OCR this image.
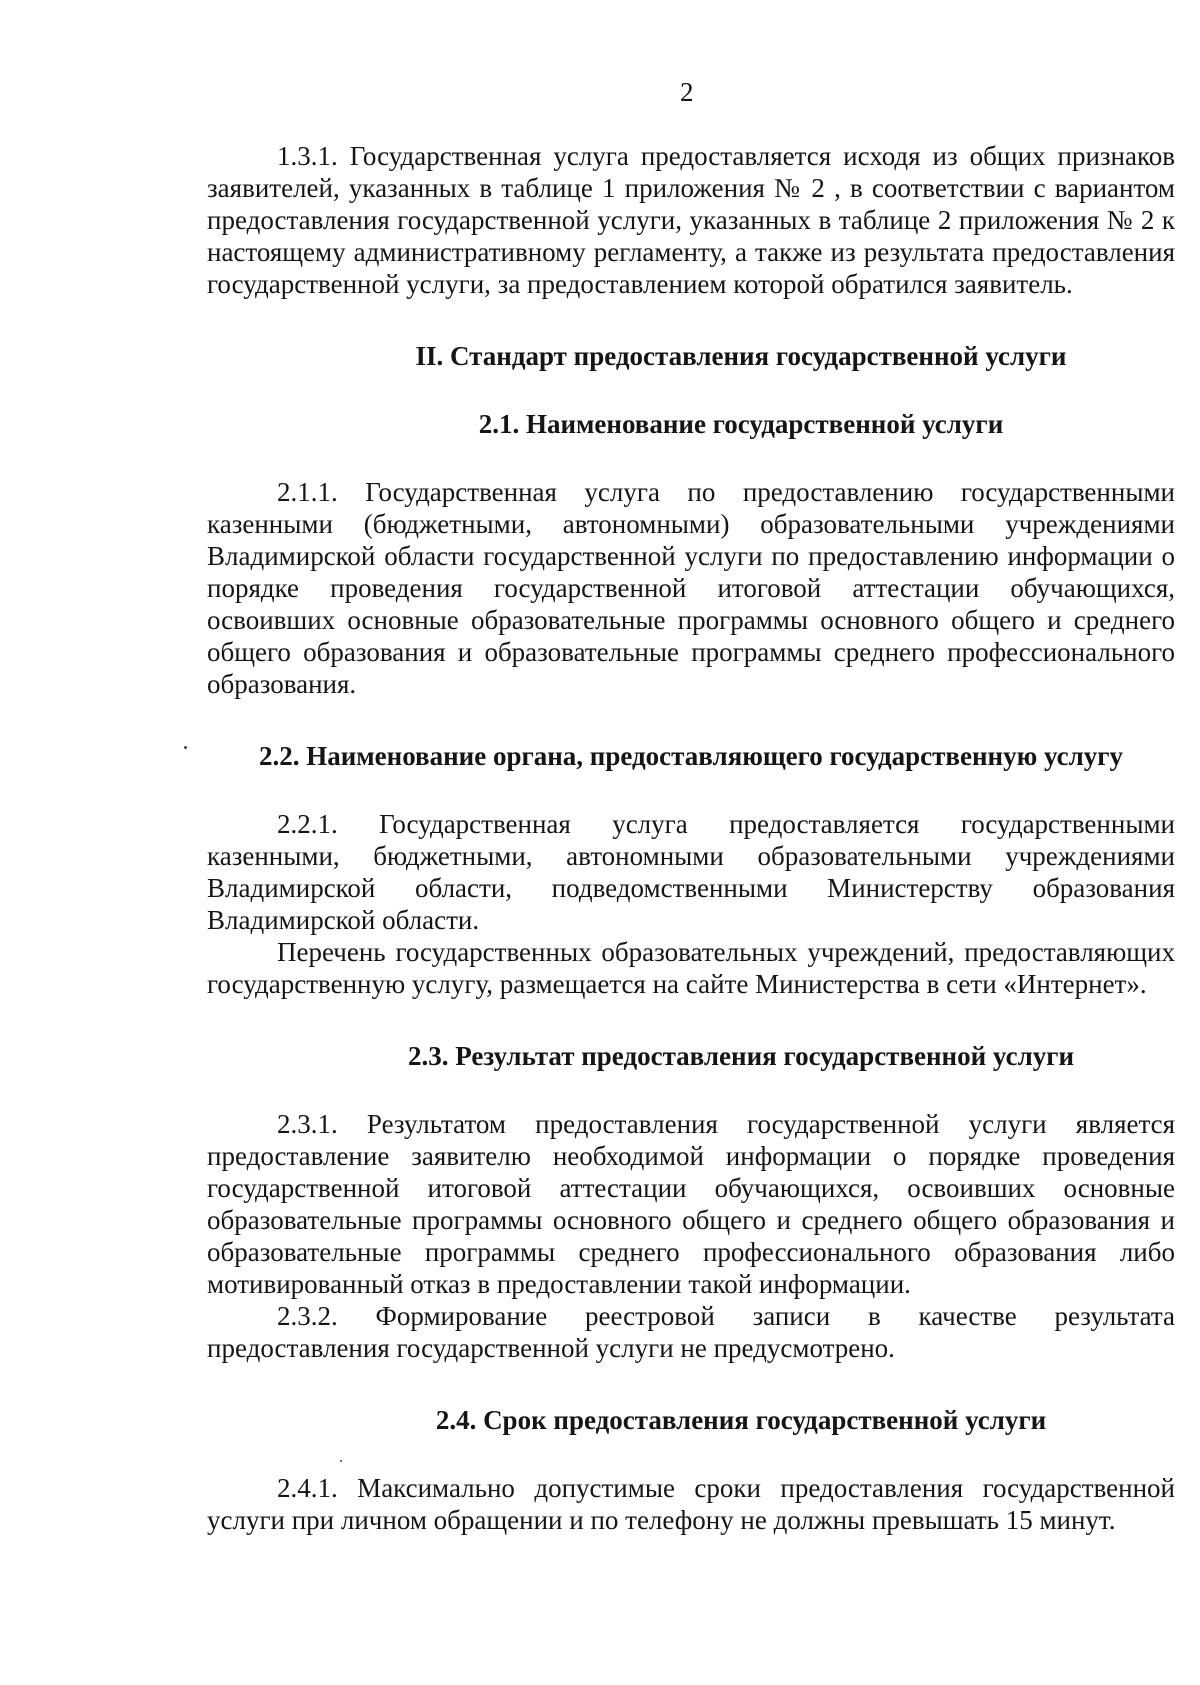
2

1.3.1. Государственная услуга предоставляется исходя из общих признаков заявителей, указанных в таблице 1 приложения № 2 , в соответствии с вариантом предоставления государственной услуги, указанных в таблице 2 приложения № 2 к настоящему административному регламенту, а также из результата предоставления государственной услуги, за предоставлением которой обратился заявитель.

II. Стандарт предоставления государственной услуги
2.1. Наименование государственной услуги

2.1.1. Государственная услуга по предоставлению государственными казенными (бюджетными, автономными) образовательными учреждениями Владимирской области государственной услуги по предоставлению информации о порядке проведения государственной итоговой аттестации обучающихся, освоивших основные образовательные программы основного общего и среднего общего образования и образовательные программы среднего профессионального образования.

2.2. Наименование органа, предоставляющего государственную услугу

2.2.1. Государственная услуга предоставляется государственными казенными, бюджетными, автономными образовательными учреждениями Владимирской области, подведомственными Министерству образования Владимирской области.

Перечень государственных образовательных учреждений, предоставляющих государственную услугу, размещается на сайте Министерства в сети «Интернет».

2.3. Результат предоставления государственной услуги

2.3.1. Результатом предоставления государственной услуги является предоставление заявителю необходимой информации о порядке проведения государственной итоговой аттестации обучающихся, освоивших основные образовательные программы основного общего и среднего общего образования и образовательные программы среднего профессионального образования либо мотивированный отказ в предоставлении такой информации.

2.3.2. Формирование реестровой записи в качестве результата предоставления государственной услуги не предусмотрено.

2.4. Срок предоставления государственной услуги

2.4.1. Максимально допустимые сроки предоставления государственной услуги при личном обращении и по телефону не должны превышать 15 минут.
